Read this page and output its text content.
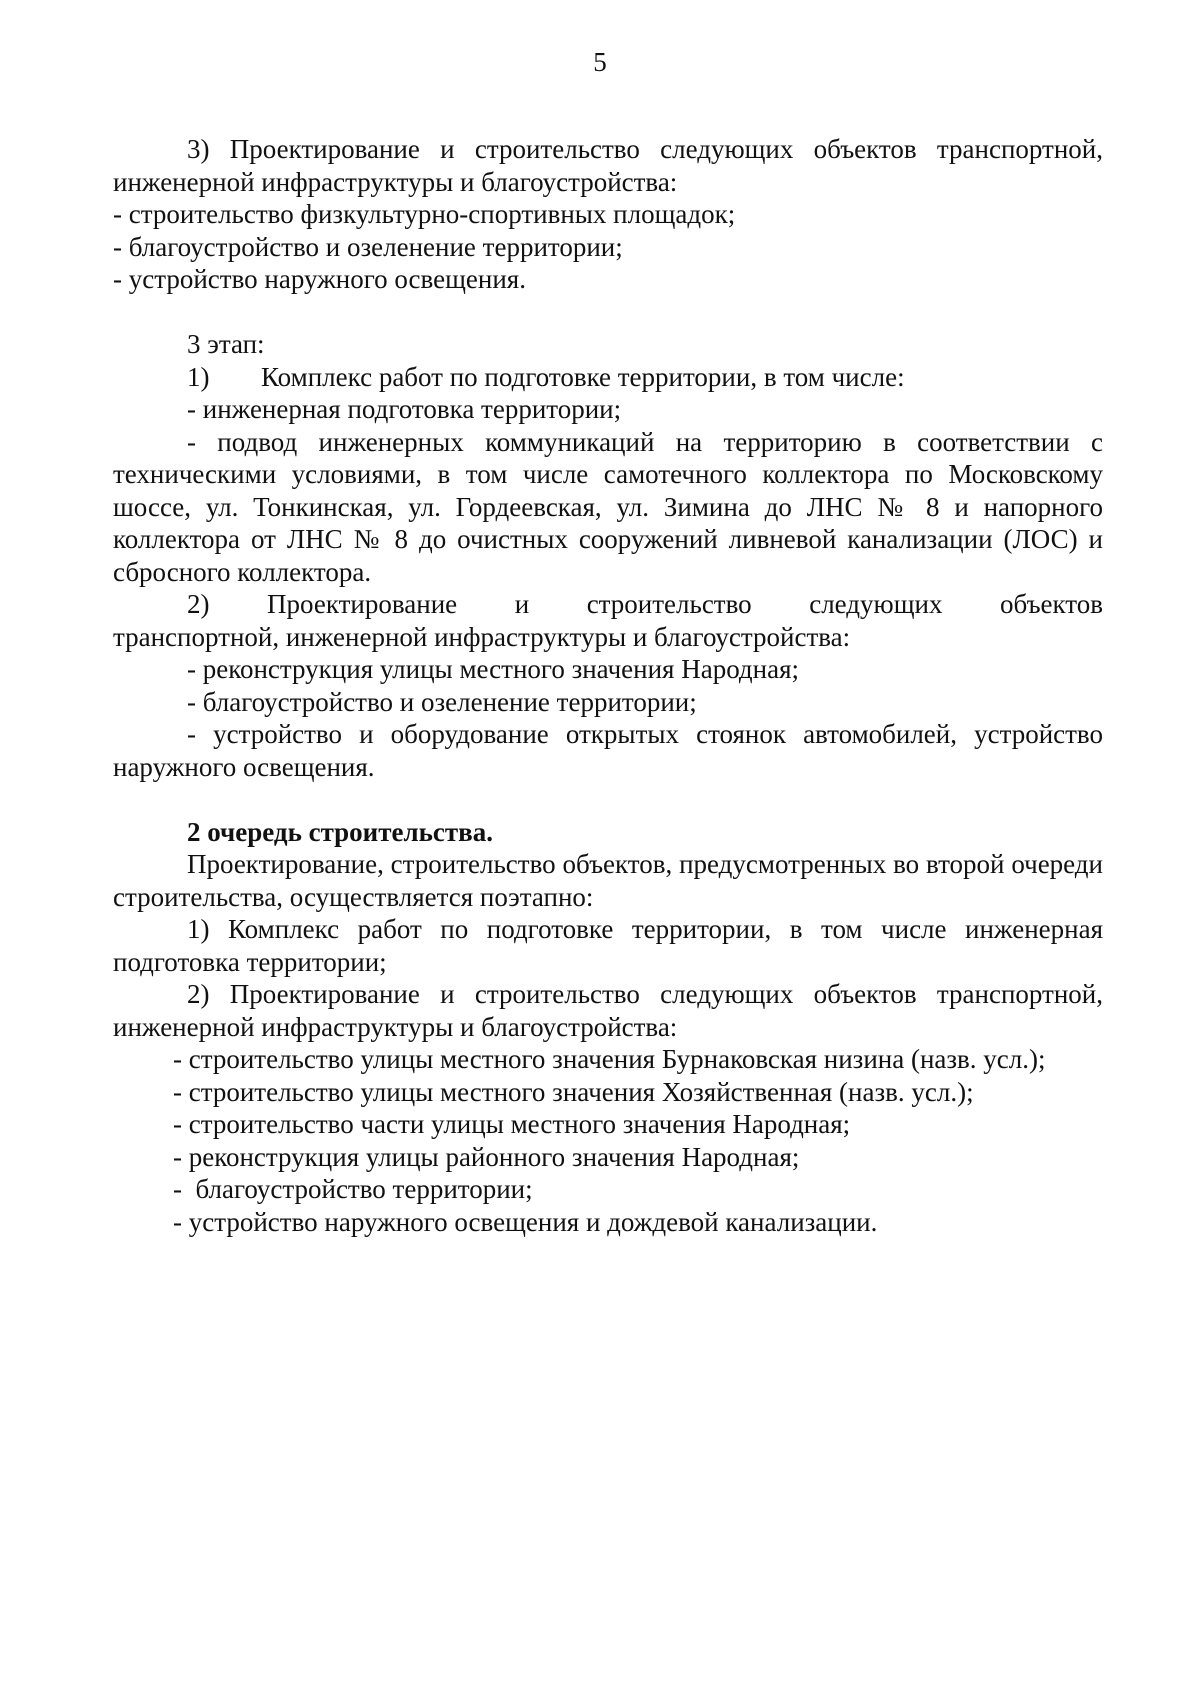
5

3) Проектирование и строительство следующих объектов транспортной, инженерной инфраструктуры и благоустройства:

- строительство физкультурно-спортивных площадок;

- благоустройство и озеленение территории;

- устройство наружного освещения.

3 этап:

1) Комплекс работ по подготовке территории, в том числе:

- инженерная подготовка территории;

- подвод инженерных коммуникаций на территорию в соответствии с техническими условиями, в том числе самотечного коллектора по Московскому шоссе, ул. Тонкинская, ул. Гордеевская, ул. Зимина до ЛНС № 8 и напорного коллектора от ЛНС № 8 до очистных сооружений ливневой канализации (ЛОС) и сбросного коллектора.

2) Проектирование и строительство следующих объектов

транспортной, инженерной инфраструктуры и благоустройства:

- реконструкция улицы местного значения Народная;

- благоустройство и озеленение территории;

- устройство и оборудование открытых стоянок автомобилей, устройство наружного освещения.

2 очередь строительства.

Проектирование, строительство объектов, предусмотренных во второй очереди строительства, осуществляется поэтапно:

1) Комплекс работ по подготовке территории, в том числе инженерная подготовка территории;

2) Проектирование и строительство следующих объектов транспортной, инженерной инфраструктуры и благоустройства:

- строительство улицы местного значения Бурнаковская низина (назв. усл.);

- строительство улицы местного значения Хозяйственная (назв. усл.);

- строительство части улицы местного значения Народная;

- реконструкция улицы районного значения Народная;

-  благоустройство территории;

- устройство наружного освещения и дождевой канализации.
